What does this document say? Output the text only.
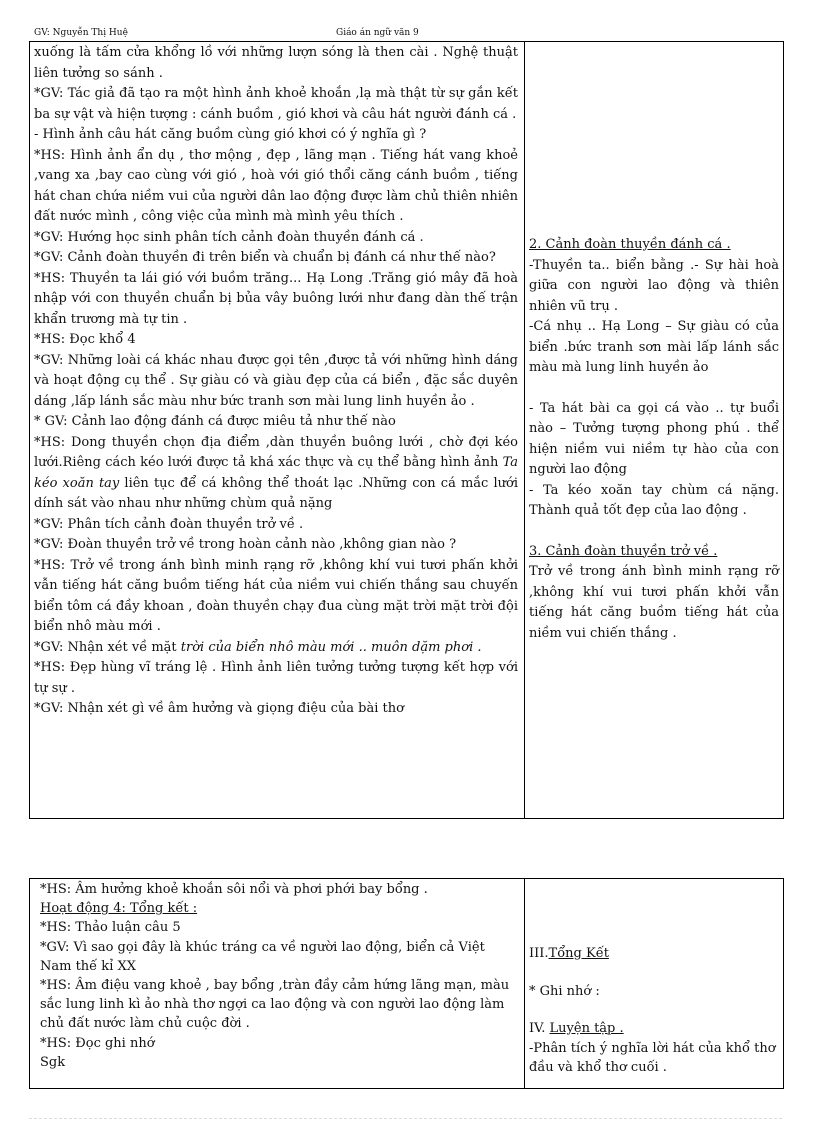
GV: Nguyễn Thị Huệ	Giáo án ngữ văn 9
xuống là tấm cửa khổng lồ với những lượn sóng là then cài . Nghệ thuật liên tưởng so sánh .
*GV: Tác giả đã tạo ra một hình ảnh khoẻ khoắn ,lạ mà thật từ sự gắn kết ba sự vật và hiện tượng : cánh buồm , gió khơi và câu hát người đánh cá .
- Hình ảnh câu hát căng buồm cùng gió khơi có ý nghĩa gì ?
*HS: Hình ảnh ẩn dụ , thơ mộng , đẹp , lãng mạn . Tiếng hát vang khoẻ ,vang xa ,bay cao cùng với gió , hoà với gió thổi căng cánh buồm , tiếng hát chan chứa niềm vui của người dân lao động được làm chủ thiên nhiên đất nước mình , công việc của mình mà mình yêu thích .
*GV: Hướng học sinh phân tích cảnh đoàn thuyền đánh cá .
*GV: Cảnh đoàn thuyền đi trên biển và chuẩn bị đánh cá như thế nào?
*HS: Thuyền ta lái gió với buồm trăng... Hạ Long .Trăng gió mây đã hoà nhập với con thuyền chuẩn bị bủa vây buông lưới như đang dàn thế trận khẩn trương mà tự tin .
*HS: Đọc khổ 4
*GV: Những loài cá khác nhau được gọi tên ,được tả với những hình dáng và hoạt động cụ thể . Sự giàu có và giàu đẹp của cá biển , đặc sắc duyên dáng ,lấp lánh sắc màu như bức tranh sơn mài lung linh huyền ảo .
* GV: Cảnh lao động đánh cá được miêu tả như thế nào
*HS: Dong thuyền chọn địa điểm ,dàn thuyền buông lưới , chờ đợi kéo lưới.Riêng cách kéo lưới được tả khá xác thực và cụ thể bằng hình ảnh Ta kéo xoăn tay liên tục để cá không thể thoát lạc .Những con cá mắc lưới dính sát vào nhau như những chùm quả nặng
*GV: Phân tích cảnh đoàn thuyền trở về .
*GV: Đoàn thuyền trở về trong hoàn cảnh nào ,không gian nào ?
*HS: Trở về trong ánh bình minh rạng rỡ ,không khí vui tươi phấn khởi vẫn tiếng hát căng buồm tiếng hát của niềm vui chiến thắng sau chuyến biển tôm cá đầy khoan , đoàn thuyền chạy đua cùng mặt trời mặt trời đội biển nhô màu mới .
*GV: Nhận xét về mặt trời của biển nhô màu mới .. muôn dặm phơi .
*HS: Đẹp hùng vĩ tráng lệ . Hình ảnh liên tưởng tưởng tượng kết hợp với tự sự .
*GV: Nhận xét gì về âm hưởng và giọng điệu của bài thơ
2. Cảnh đoàn thuyền đánh cá .
-Thuyền ta.. biển bằng .- Sự hài hoà giữa con người lao động và thiên nhiên vũ trụ .
-Cá nhụ .. Hạ Long – Sự giàu có của biển .bức tranh sơn mài lấp lánh sắc màu mà lung linh huyền ảo
- Ta hát bài ca gọi cá vào .. tự buổi nào – Tưởng tượng phong phú . thể hiện niềm vui niềm tự hào của con người lao động
- Ta kéo xoăn tay chùm cá nặng. Thành quả tốt đẹp của lao động .
3. Cảnh đoàn thuyền trở về .
Trở về trong ánh bình minh rạng rỡ ,không khí vui tươi phấn khởi vẫn tiếng hát căng buồm tiếng hát của niềm vui chiến thắng .
*HS: Âm hưởng khoẻ khoắn sôi nổi và phơi phới bay bổng .
Hoạt động 4: Tổng kết :
*HS: Thảo luận câu 5
*GV: Vì sao gọi đây là khúc tráng ca về người lao động, biển cả Việt Nam thế kỉ XX
*HS: Âm điệu vang khoẻ , bay bổng ,tràn đầy cảm hứng lãng mạn, màu sắc lung linh kì ảo nhà thơ ngợi ca lao động và con người lao động làm chủ đất nước làm chủ cuộc đời .
*HS: Đọc ghi nhớ
Sgk
III.Tổng Kết
* Ghi nhớ :
IV. Luyện tập .
-Phân tích ý nghĩa lời hát của khổ thơ đầu và khổ thơ cuối .
